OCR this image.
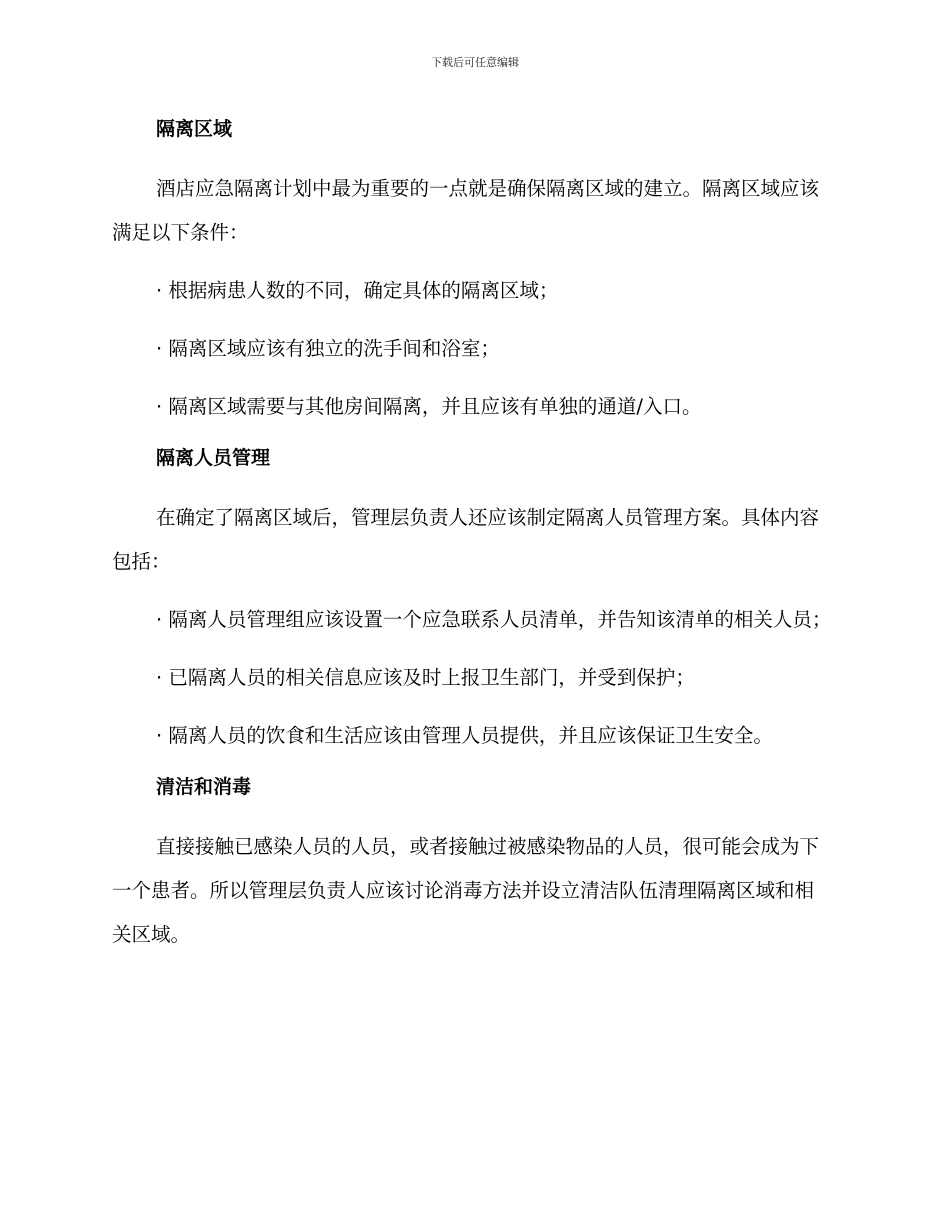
下载后可任意编辑
隔离区域
酒店应急隔离计划中最为重要的一点就是确保隔离区域的建立。隔离区域应该满足以下条件：
· 根据病患人数的不同，确定具体的隔离区域；
· 隔离区域应该有独立的洗手间和浴室；
· 隔离区域需要与其他房间隔离，并且应该有单独的通道/入口。
隔离人员管理
在确定了隔离区域后，管理层负责人还应该制定隔离人员管理方案。具体内容包括：
· 隔离人员管理组应该设置一个应急联系人员清单，并告知该清单的相关人员；
· 已隔离人员的相关信息应该及时上报卫生部门，并受到保护；
· 隔离人员的饮食和生活应该由管理人员提供，并且应该保证卫生安全。
清洁和消毒
直接接触已感染人员的人员，或者接触过被感染物品的人员，很可能会成为下一个患者。所以管理层负责人应该讨论消毒方法并设立清洁队伍清理隔离区域和相关区域。
